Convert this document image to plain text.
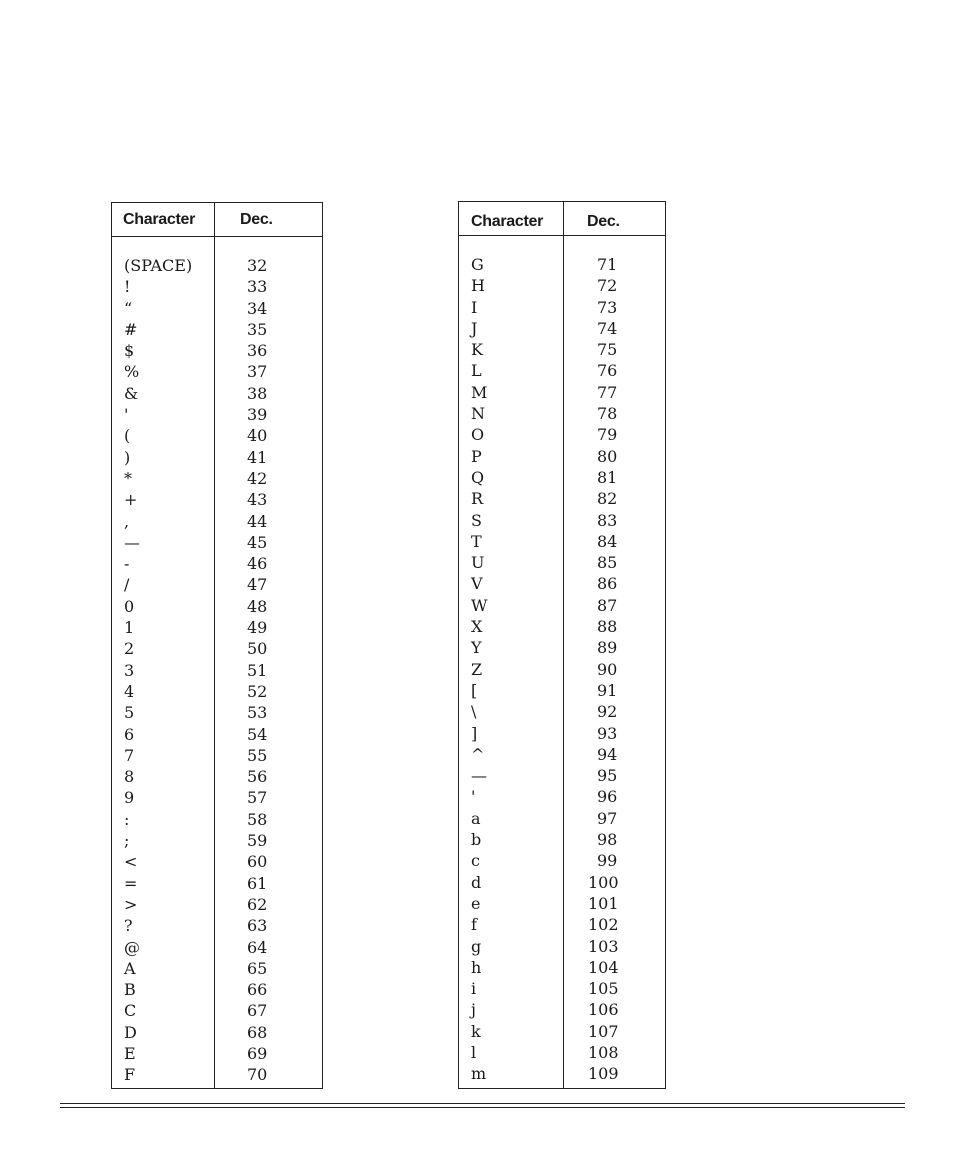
Character	Dec.
(SPACE)	32
!	33
“	34
#	35
$	36
%	37
&	38
'	39
(	40
)	41
*	42
+	43
,	44
—	45
-	46
/	47
0	48
1	49
2	50
3	51
4	52
5	53
6	54
7	55
8	56
9	57
:	58
;	59
<	60
=	61
>	62
?	63
@	64
A	65
B	66
C	67
D	68
E	69
F	70
Character	Dec.
G	71
H	72
I	73
J	74
K	75
L	76
M	77
N	78
O	79
P	80
Q	81
R	82
S	83
T	84
U	85
V	86
W	87
X	88
Y	89
Z	90
[	91
\	92
]	93
^	94
—	95
'	96
a	97
b	98
c	99
d	100
e	101
f	102
g	103
h	104
i	105
j	106
k	107
l	108
m	109
